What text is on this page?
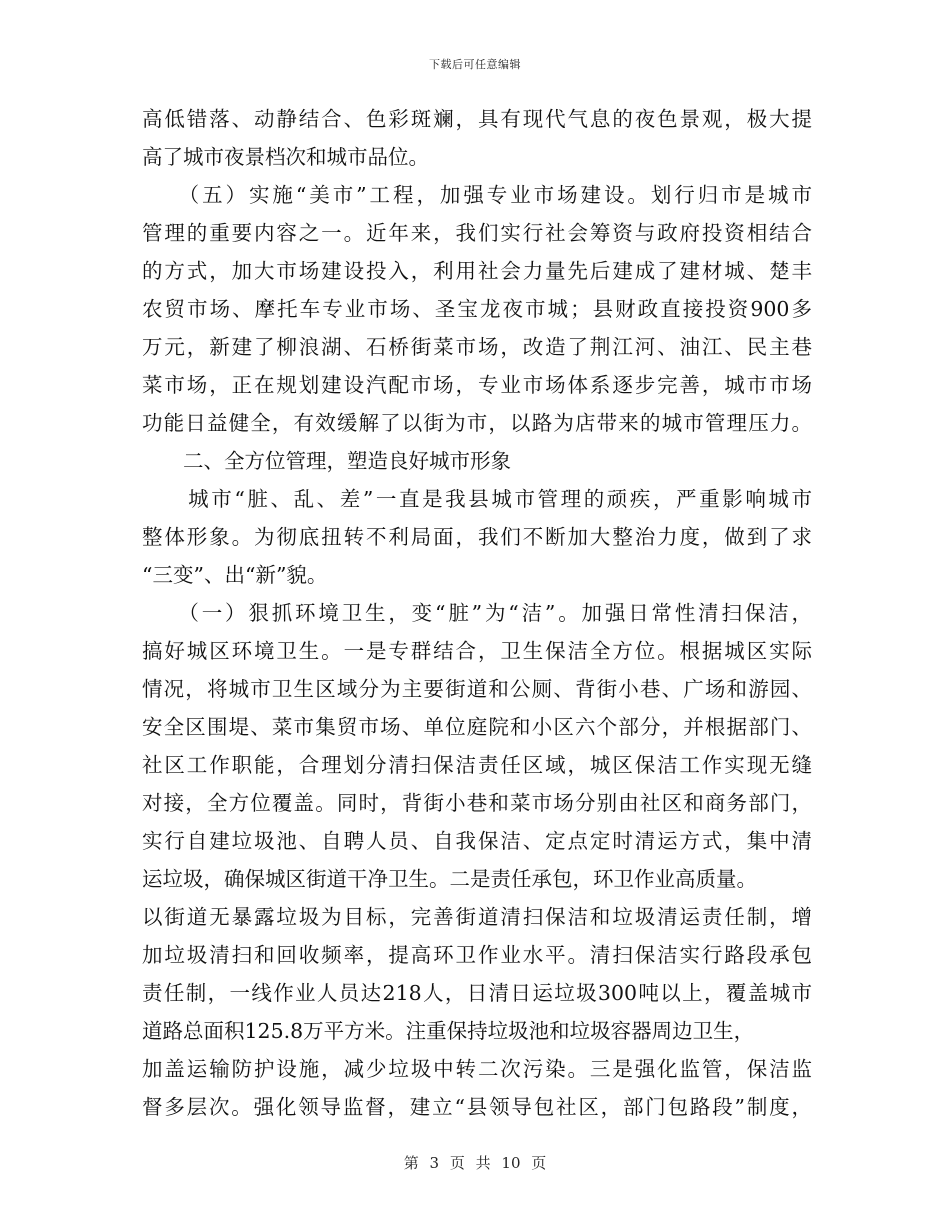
下载后可任意编辑
高低错落、动静结合、色彩斑斓，具有现代气息的夜色景观，极大提
高了城市夜景档次和城市品位。
　　（五）实施“美市”工程，加强专业市场建设。划行归市是城市
管理的重要内容之一。近年来，我们实行社会筹资与政府投资相结合
的方式，加大市场建设投入，利用社会力量先后建成了建材城、楚丰
农贸市场、摩托车专业市场、圣宝龙夜市城；县财政直接投资900多
万元，新建了柳浪湖、石桥街菜市场，改造了荆江河、油江、民主巷
菜市场，正在规划建设汽配市场，专业市场体系逐步完善，城市市场
功能日益健全，有效缓解了以街为市，以路为店带来的城市管理压力。
　　二、全方位管理，塑造良好城市形象
　　城市“脏、乱、差”一直是我县城市管理的顽疾，严重影响城市
整体形象。为彻底扭转不利局面，我们不断加大整治力度，做到了求
“三变”、出“新”貌。
　　（一）狠抓环境卫生，变“脏”为“洁”。加强日常性清扫保洁，
搞好城区环境卫生。一是专群结合，卫生保洁全方位。根据城区实际
情况，将城市卫生区域分为主要街道和公厕、背街小巷、广场和游园、
安全区围堤、菜市集贸市场、单位庭院和小区六个部分，并根据部门、
社区工作职能，合理划分清扫保洁责任区域，城区保洁工作实现无缝
对接，全方位覆盖。同时，背街小巷和菜市场分别由社区和商务部门，
实行自建垃圾池、自聘人员、自我保洁、定点定时清运方式，集中清
运垃圾，确保城区街道干净卫生。二是责任承包，环卫作业高质量。
以街道无暴露垃圾为目标，完善街道清扫保洁和垃圾清运责任制，增
加垃圾清扫和回收频率，提高环卫作业水平。清扫保洁实行路段承包
责任制，一线作业人员达218人，日清日运垃圾300吨以上，覆盖城市
道路总面积125.8万平方米。注重保持垃圾池和垃圾容器周边卫生，
加盖运输防护设施，减少垃圾中转二次污染。三是强化监管，保洁监
督多层次。强化领导监督，建立“县领导包社区，部门包路段”制度，
第 3 页 共 10 页
